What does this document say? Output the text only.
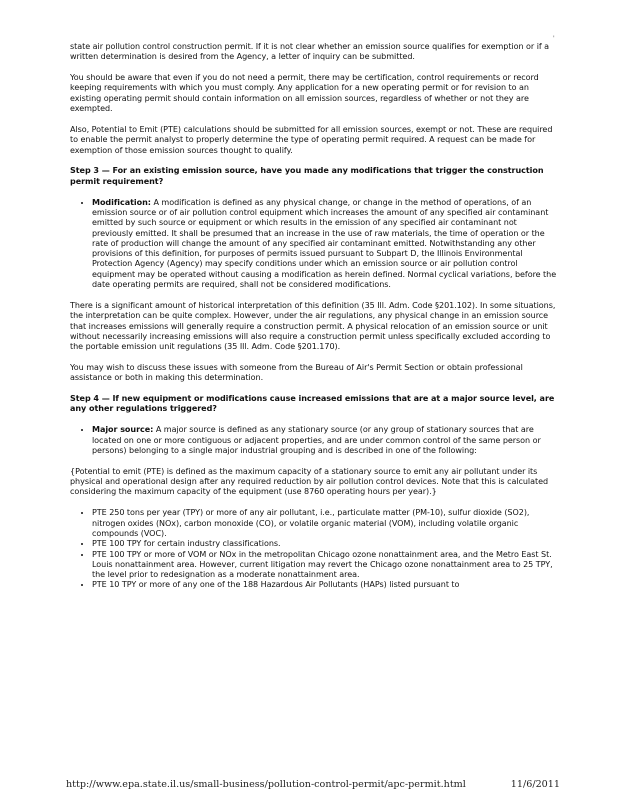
'

state air pollution control construction permit. If it is not clear whether an emission source qualifies for exemption or if a written determination is desired from the Agency, a letter of inquiry can be submitted.

You should be aware that even if you do not need a permit, there may be certification, control requirements or record keeping requirements with which you must comply. Any application for a new operating permit or for revision to an existing operating permit should contain information on all emission sources, regardless of whether or not they are exempted.

Also, Potential to Emit (PTE) calculations should be submitted for all emission sources, exempt or not. These are required to enable the permit analyst to properly determine the type of operating permit required. A request can be made for exemption of those emission sources thought to qualify.

Step 3 — For an existing emission source, have you made any modifications that trigger the construction permit requirement?
• Modification: A modification is defined as any physical change, or change in the method of operations, of an emission source or of air pollution control equipment which increases the amount of any specified air contaminant emitted by such source or equipment or which results in the emission of any specified air contaminant not previously emitted. It shall be presumed that an increase in the use of raw materials, the time of operation or the rate of production will change the amount of any specified air contaminant emitted. Notwithstanding any other provisions of this definition, for purposes of permits issued pursuant to Subpart D, the Illinois Environmental Protection Agency (Agency) may specify conditions under which an emission source or air pollution control equipment may be operated without causing a modification as herein defined. Normal cyclical variations, before the date operating permits are required, shall not be considered modifications.

There is a significant amount of historical interpretation of this definition (35 Ill. Adm. Code §201.102). In some situations, the interpretation can be quite complex. However, under the air regulations, any physical change in an emission source that increases emissions will generally require a construction permit. A physical relocation of an emission source or unit without necessarily increasing emissions will also require a construction permit unless specifically excluded according to the portable emission unit regulations (35 Ill. Adm. Code §201.170).

You may wish to discuss these issues with someone from the Bureau of Air's Permit Section or obtain professional assistance or both in making this determination.

Step 4 — If new equipment or modifications cause increased emissions that are at a major source level, are any other regulations triggered?
• Major source: A major source is defined as any stationary source (or any group of stationary sources that are located on one or more contiguous or adjacent properties, and are under common control of the same person or persons) belonging to a single major industrial grouping and is described in one of the following:

{Potential to emit (PTE) is defined as the maximum capacity of a stationary source to emit any air pollutant under its physical and operational design after any required reduction by air pollution control devices. Note that this is calculated considering the maximum capacity of the equipment (use 8760 operating hours per year).}

• PTE 250 tons per year (TPY) or more of any air pollutant, i.e., particulate matter (PM-10), sulfur dioxide (SO2), nitrogen oxides (NOx), carbon monoxide (CO), or volatile organic material (VOM), including volatile organic compounds (VOC).
• PTE 100 TPY for certain industry classifications.
• PTE 100 TPY or more of VOM or NOx in the metropolitan Chicago ozone nonattainment area, and the Metro East St. Louis nonattainment area. However, current litigation may revert the Chicago ozone nonattainment area to 25 TPY, the level prior to redesignation as a moderate nonattainment area.
• PTE 10 TPY or more of any one of the 188 Hazardous Air Pollutants (HAPs) listed pursuant to
http://www.epa.state.il.us/small-business/pollution-control-permit/apc-permit.html	11/6/2011
